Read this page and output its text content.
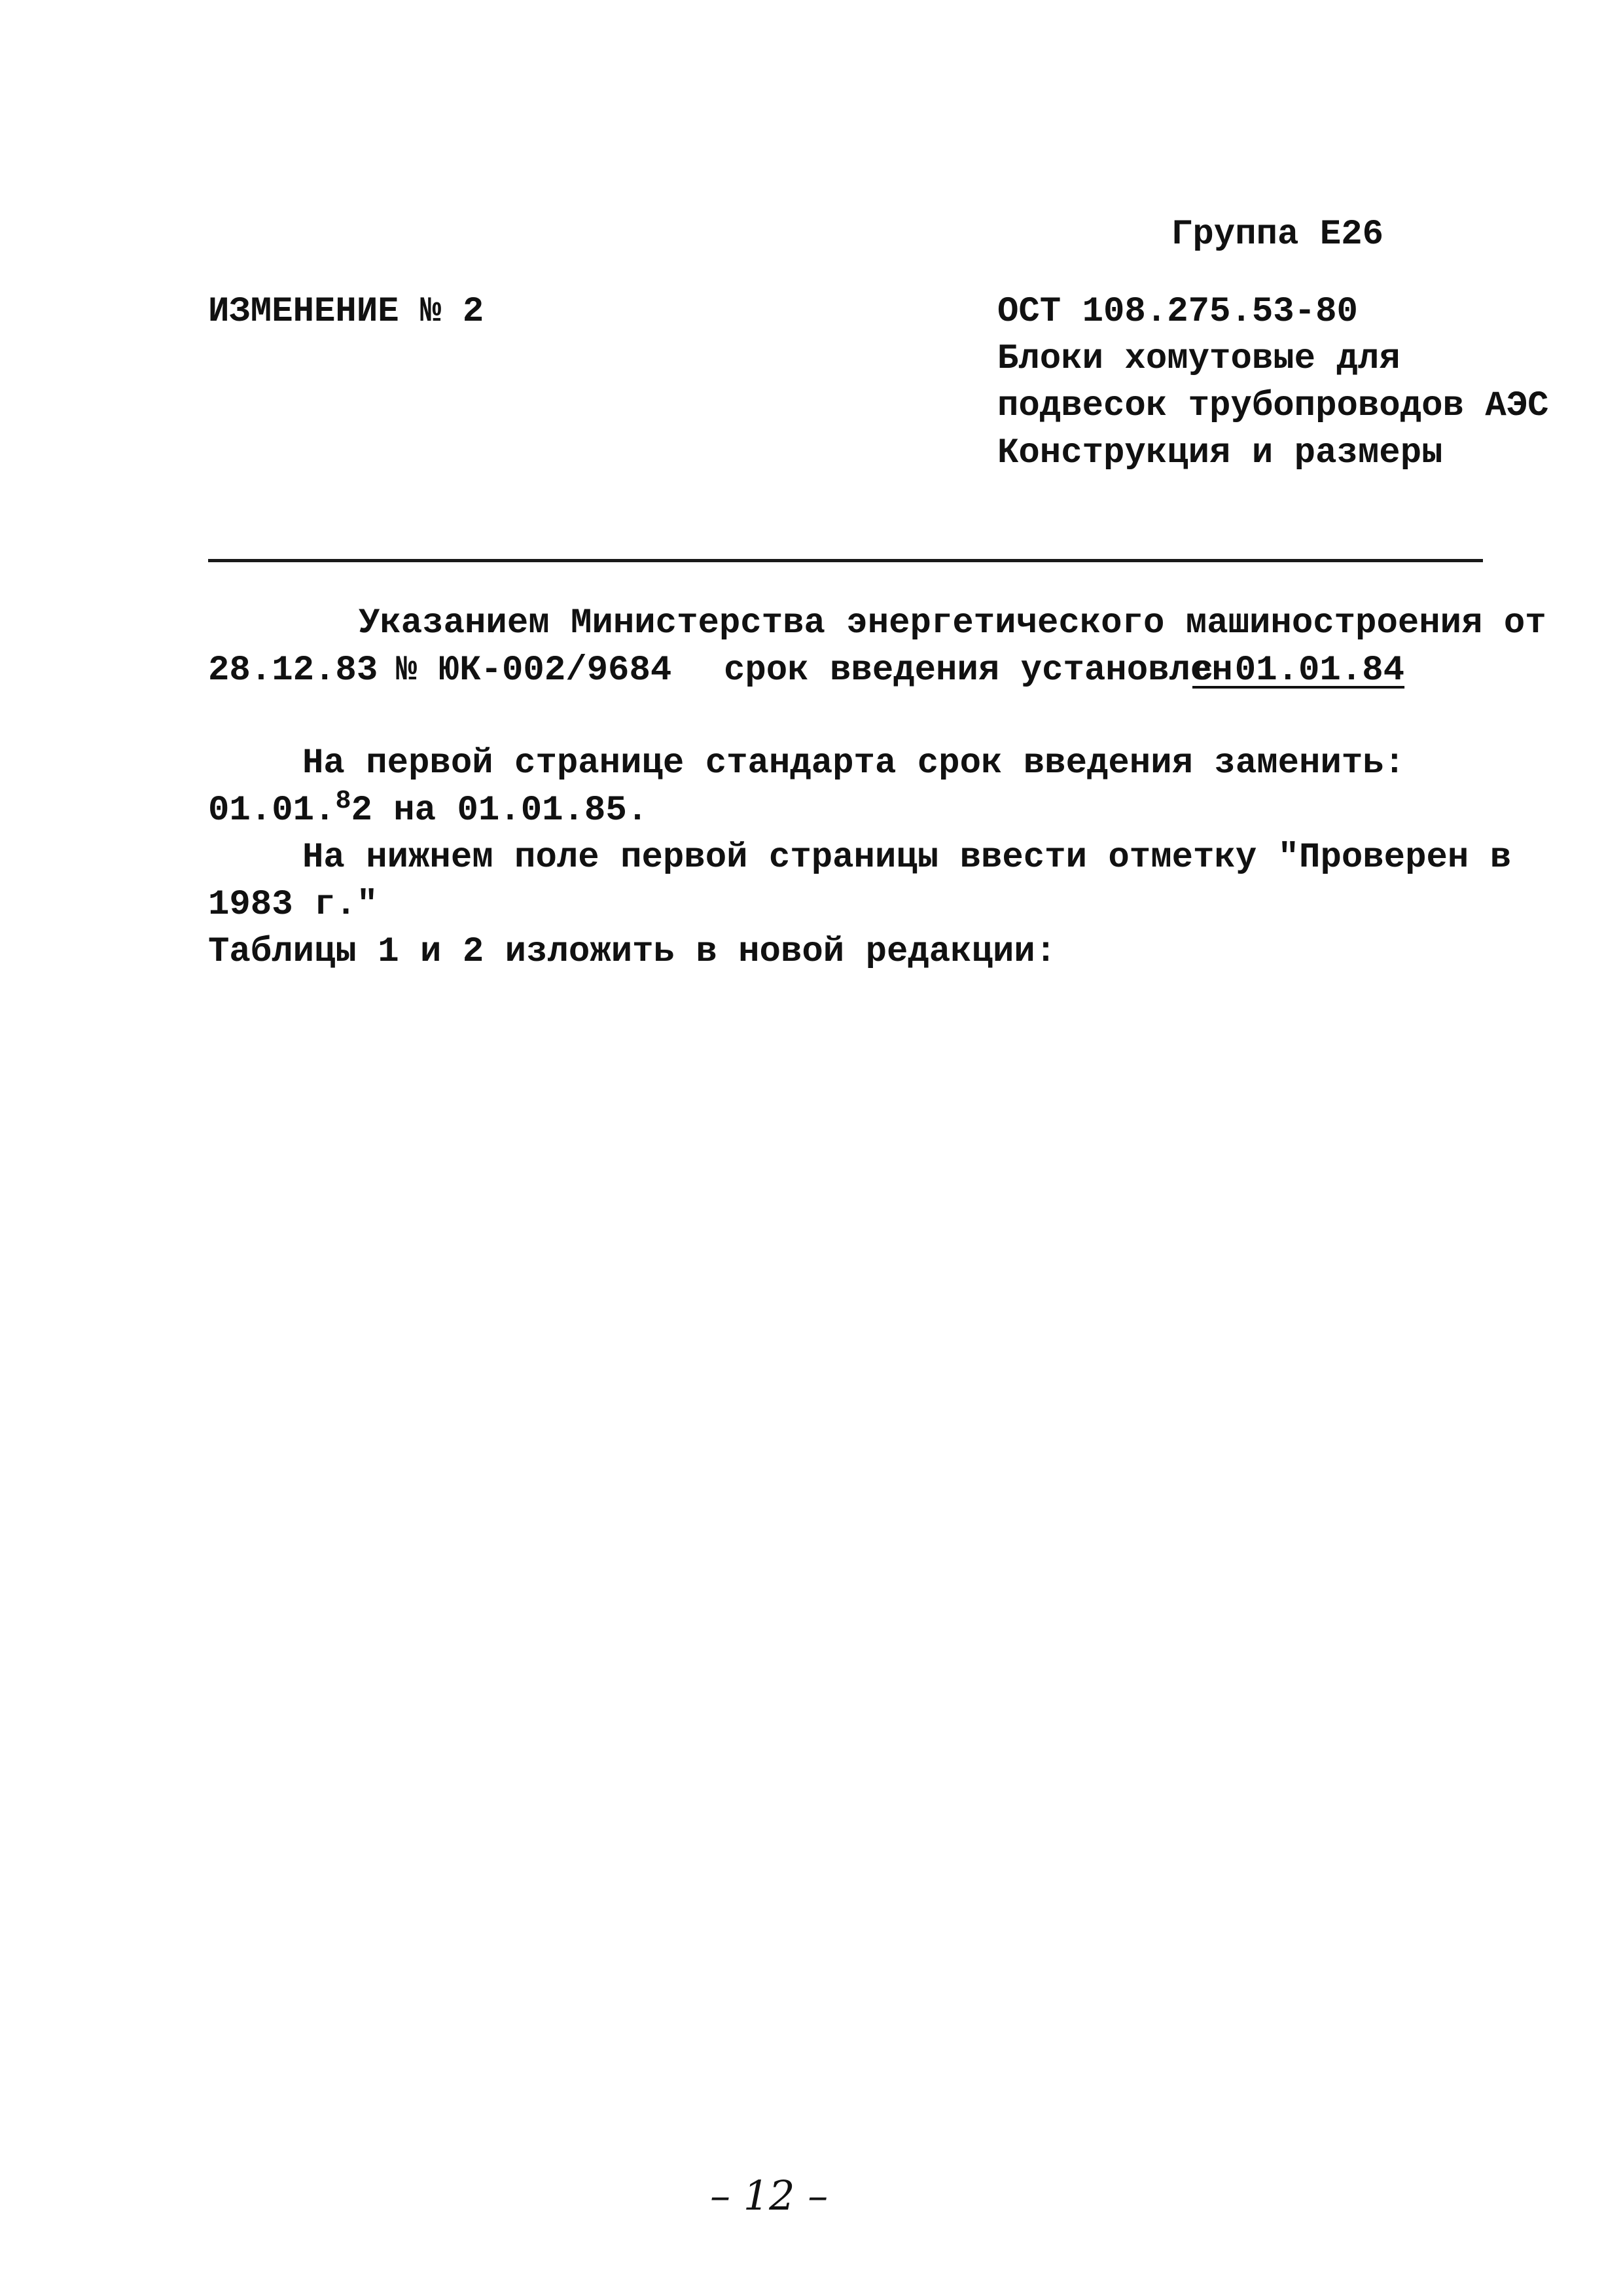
Группа Е26
ИЗМЕНЕНИЕ № 2	ОСТ 108.275.53-80
Блоки хомутовые для
подвесок трубопроводов АЭС
Конструкция и размеры
Указанием Министерства энергетического машиностроения от
28.12.83 № ЮК-002/9684 срок введения установлен
с 01.01.84
На первой странице стандарта срок введения заменить:
01.01.$^8$2 на 01.01.85.
На нижнем поле первой страницы ввести отметку "Проверен в
1983 г."
Таблицы 1 и 2 изложить в новой редакции:
– 12 –
